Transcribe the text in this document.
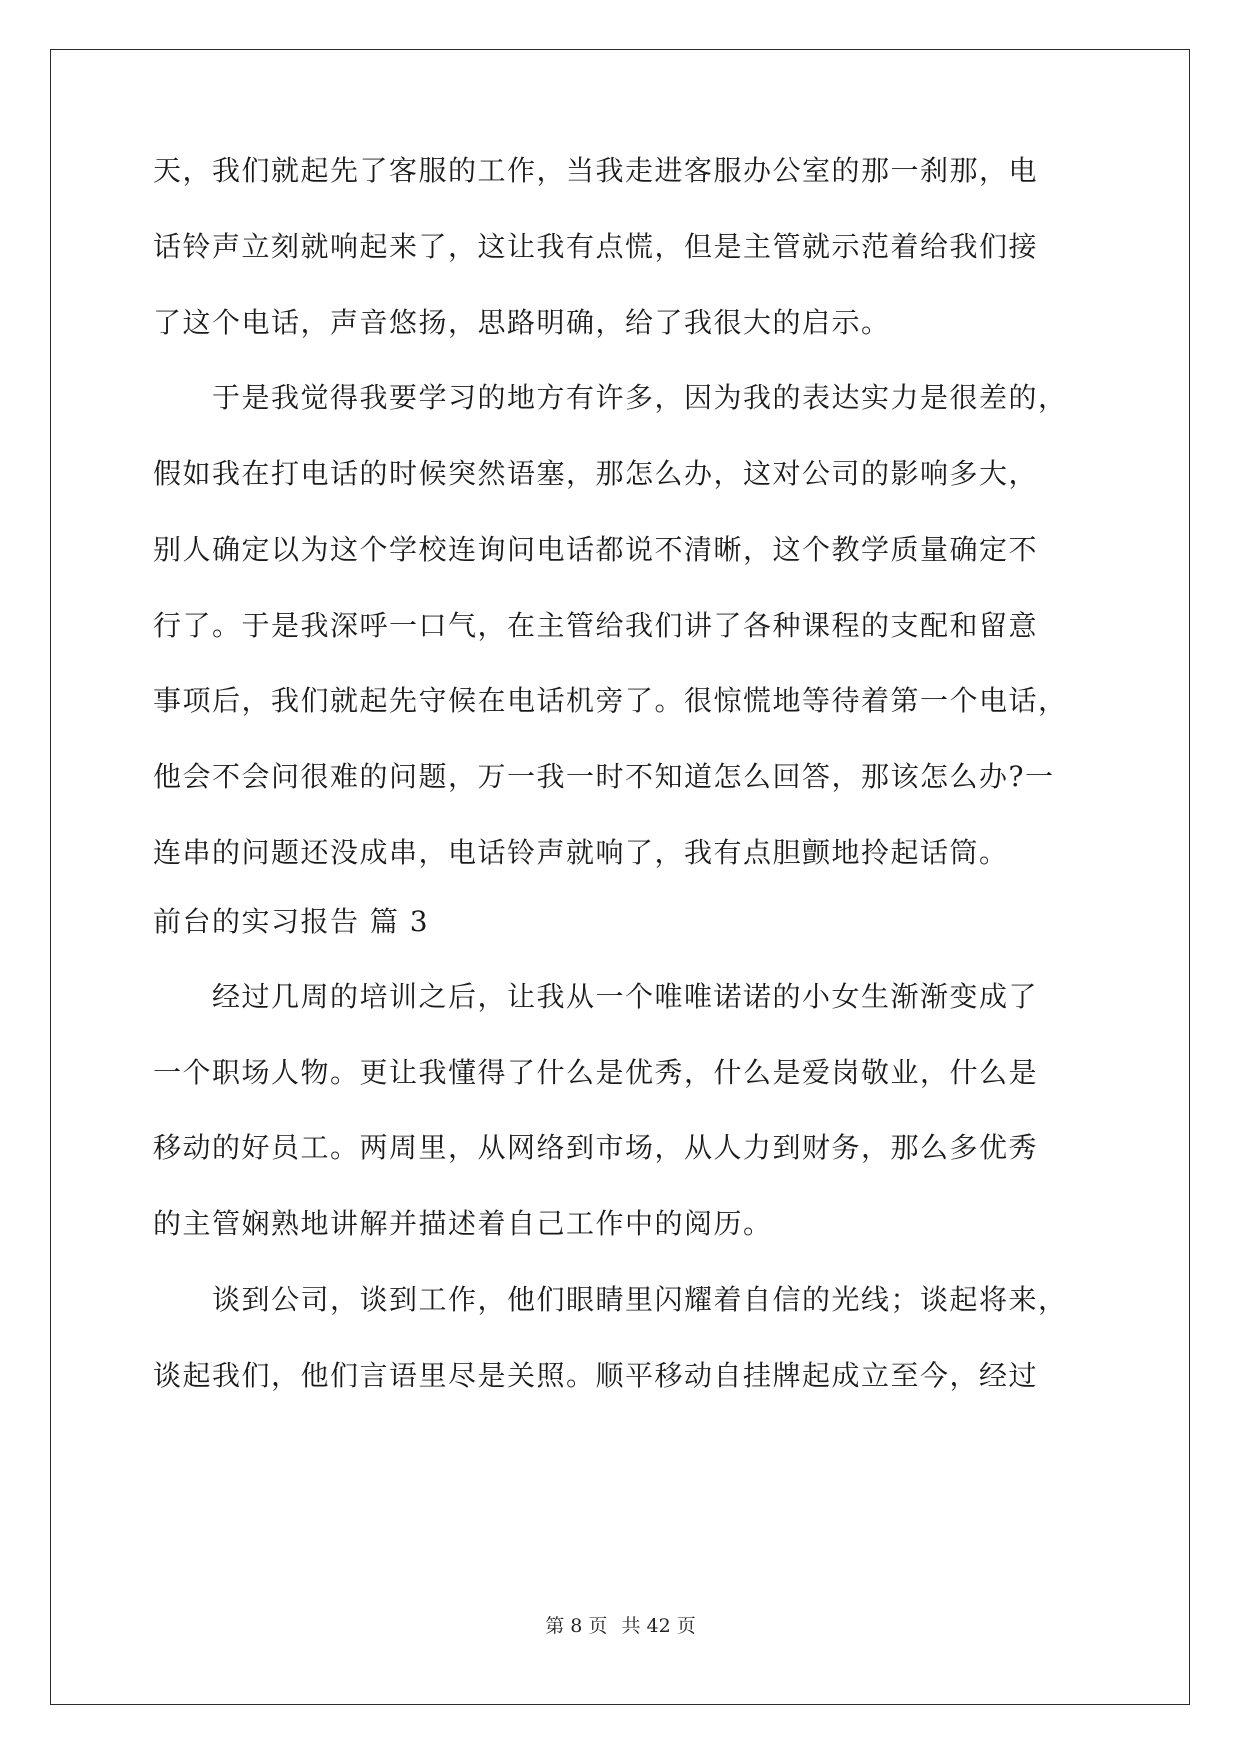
天，我们就起先了客服的工作，当我走进客服办公室的那一刹那，电
话铃声立刻就响起来了，这让我有点慌，但是主管就示范着给我们接
了这个电话，声音悠扬，思路明确，给了我很大的启示。
　　于是我觉得我要学习的地方有许多，因为我的表达实力是很差的，
假如我在打电话的时候突然语塞，那怎么办，这对公司的影响多大，
别人确定以为这个学校连询问电话都说不清晰，这个教学质量确定不
行了。于是我深呼一口气，在主管给我们讲了各种课程的支配和留意
事项后，我们就起先守候在电话机旁了。很惊慌地等待着第一个电话，
他会不会问很难的问题，万一我一时不知道怎么回答，那该怎么办?一
连串的问题还没成串，电话铃声就响了，我有点胆颤地拎起话筒。
前台的实习报告 篇 3
　　经过几周的培训之后，让我从一个唯唯诺诺的小女生渐渐变成了
一个职场人物。更让我懂得了什么是优秀，什么是爱岗敬业，什么是
移动的好员工。两周里，从网络到市场，从人力到财务，那么多优秀
的主管娴熟地讲解并描述着自己工作中的阅历。
　　谈到公司，谈到工作，他们眼睛里闪耀着自信的光线；谈起将来，
谈起我们，他们言语里尽是关照。顺平移动自挂牌起成立至今，经过
第 8 页 共 42 页
